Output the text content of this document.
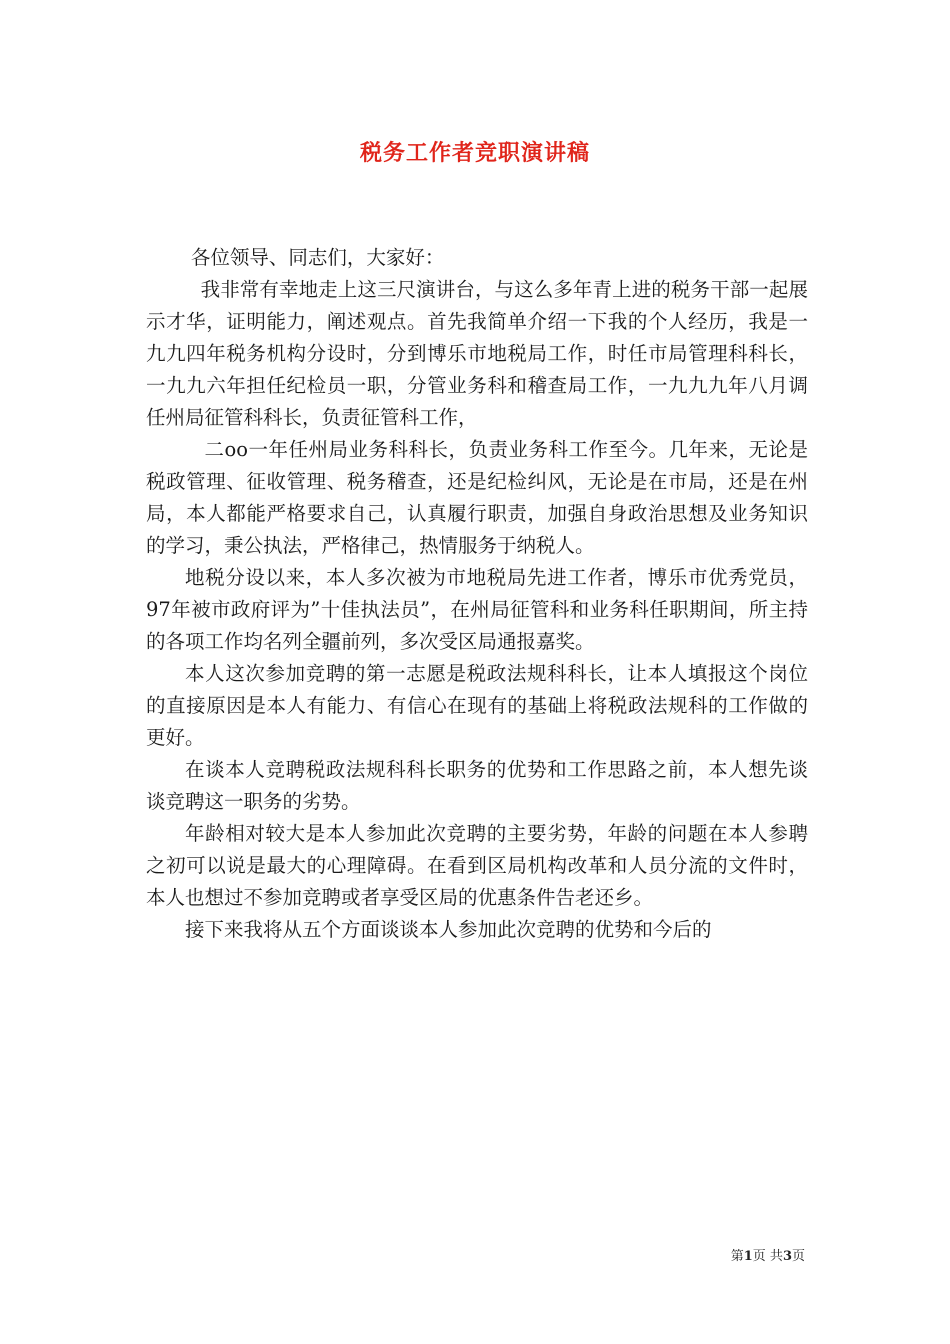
税务工作者竞职演讲稿

各位领导、同志们，大家好：

我非常有幸地走上这三尺演讲台，与这么多年青上进的税务干部一起展示才华，证明能力，阐述观点。首先我简单介绍一下我的个人经历，我是一九九四年税务机构分设时，分到博乐市地税局工作，时任市局管理科科长，一九九六年担任纪检员一职，分管业务科和稽查局工作，一九九九年八月调任州局征管科科长，负责征管科工作，

二oo一年任州局业务科科长，负责业务科工作至今。几年来，无论是税政管理、征收管理、税务稽查，还是纪检纠风，无论是在市局，还是在州局，本人都能严格要求自己，认真履行职责，加强自身政治思想及业务知识的学习，秉公执法，严格律己，热情服务于纳税人。

地税分设以来，本人多次被为市地税局先进工作者，博乐市优秀党员，97年被市政府评为”十佳执法员”，在州局征管科和业务科任职期间，所主持的各项工作均名列全疆前列，多次受区局通报嘉奖。

本人这次参加竞聘的第一志愿是税政法规科科长，让本人填报这个岗位的直接原因是本人有能力、有信心在现有的基础上将税政法规科的工作做的更好。

在谈本人竞聘税政法规科科长职务的优势和工作思路之前，本人想先谈谈竞聘这一职务的劣势。

年龄相对较大是本人参加此次竞聘的主要劣势，年龄的问题在本人参聘之初可以说是最大的心理障碍。在看到区局机构改革和人员分流的文件时，本人也想过不参加竞聘或者享受区局的优惠条件告老还乡。

接下来我将从五个方面谈谈本人参加此次竞聘的优势和今后的

第1页 共3页
